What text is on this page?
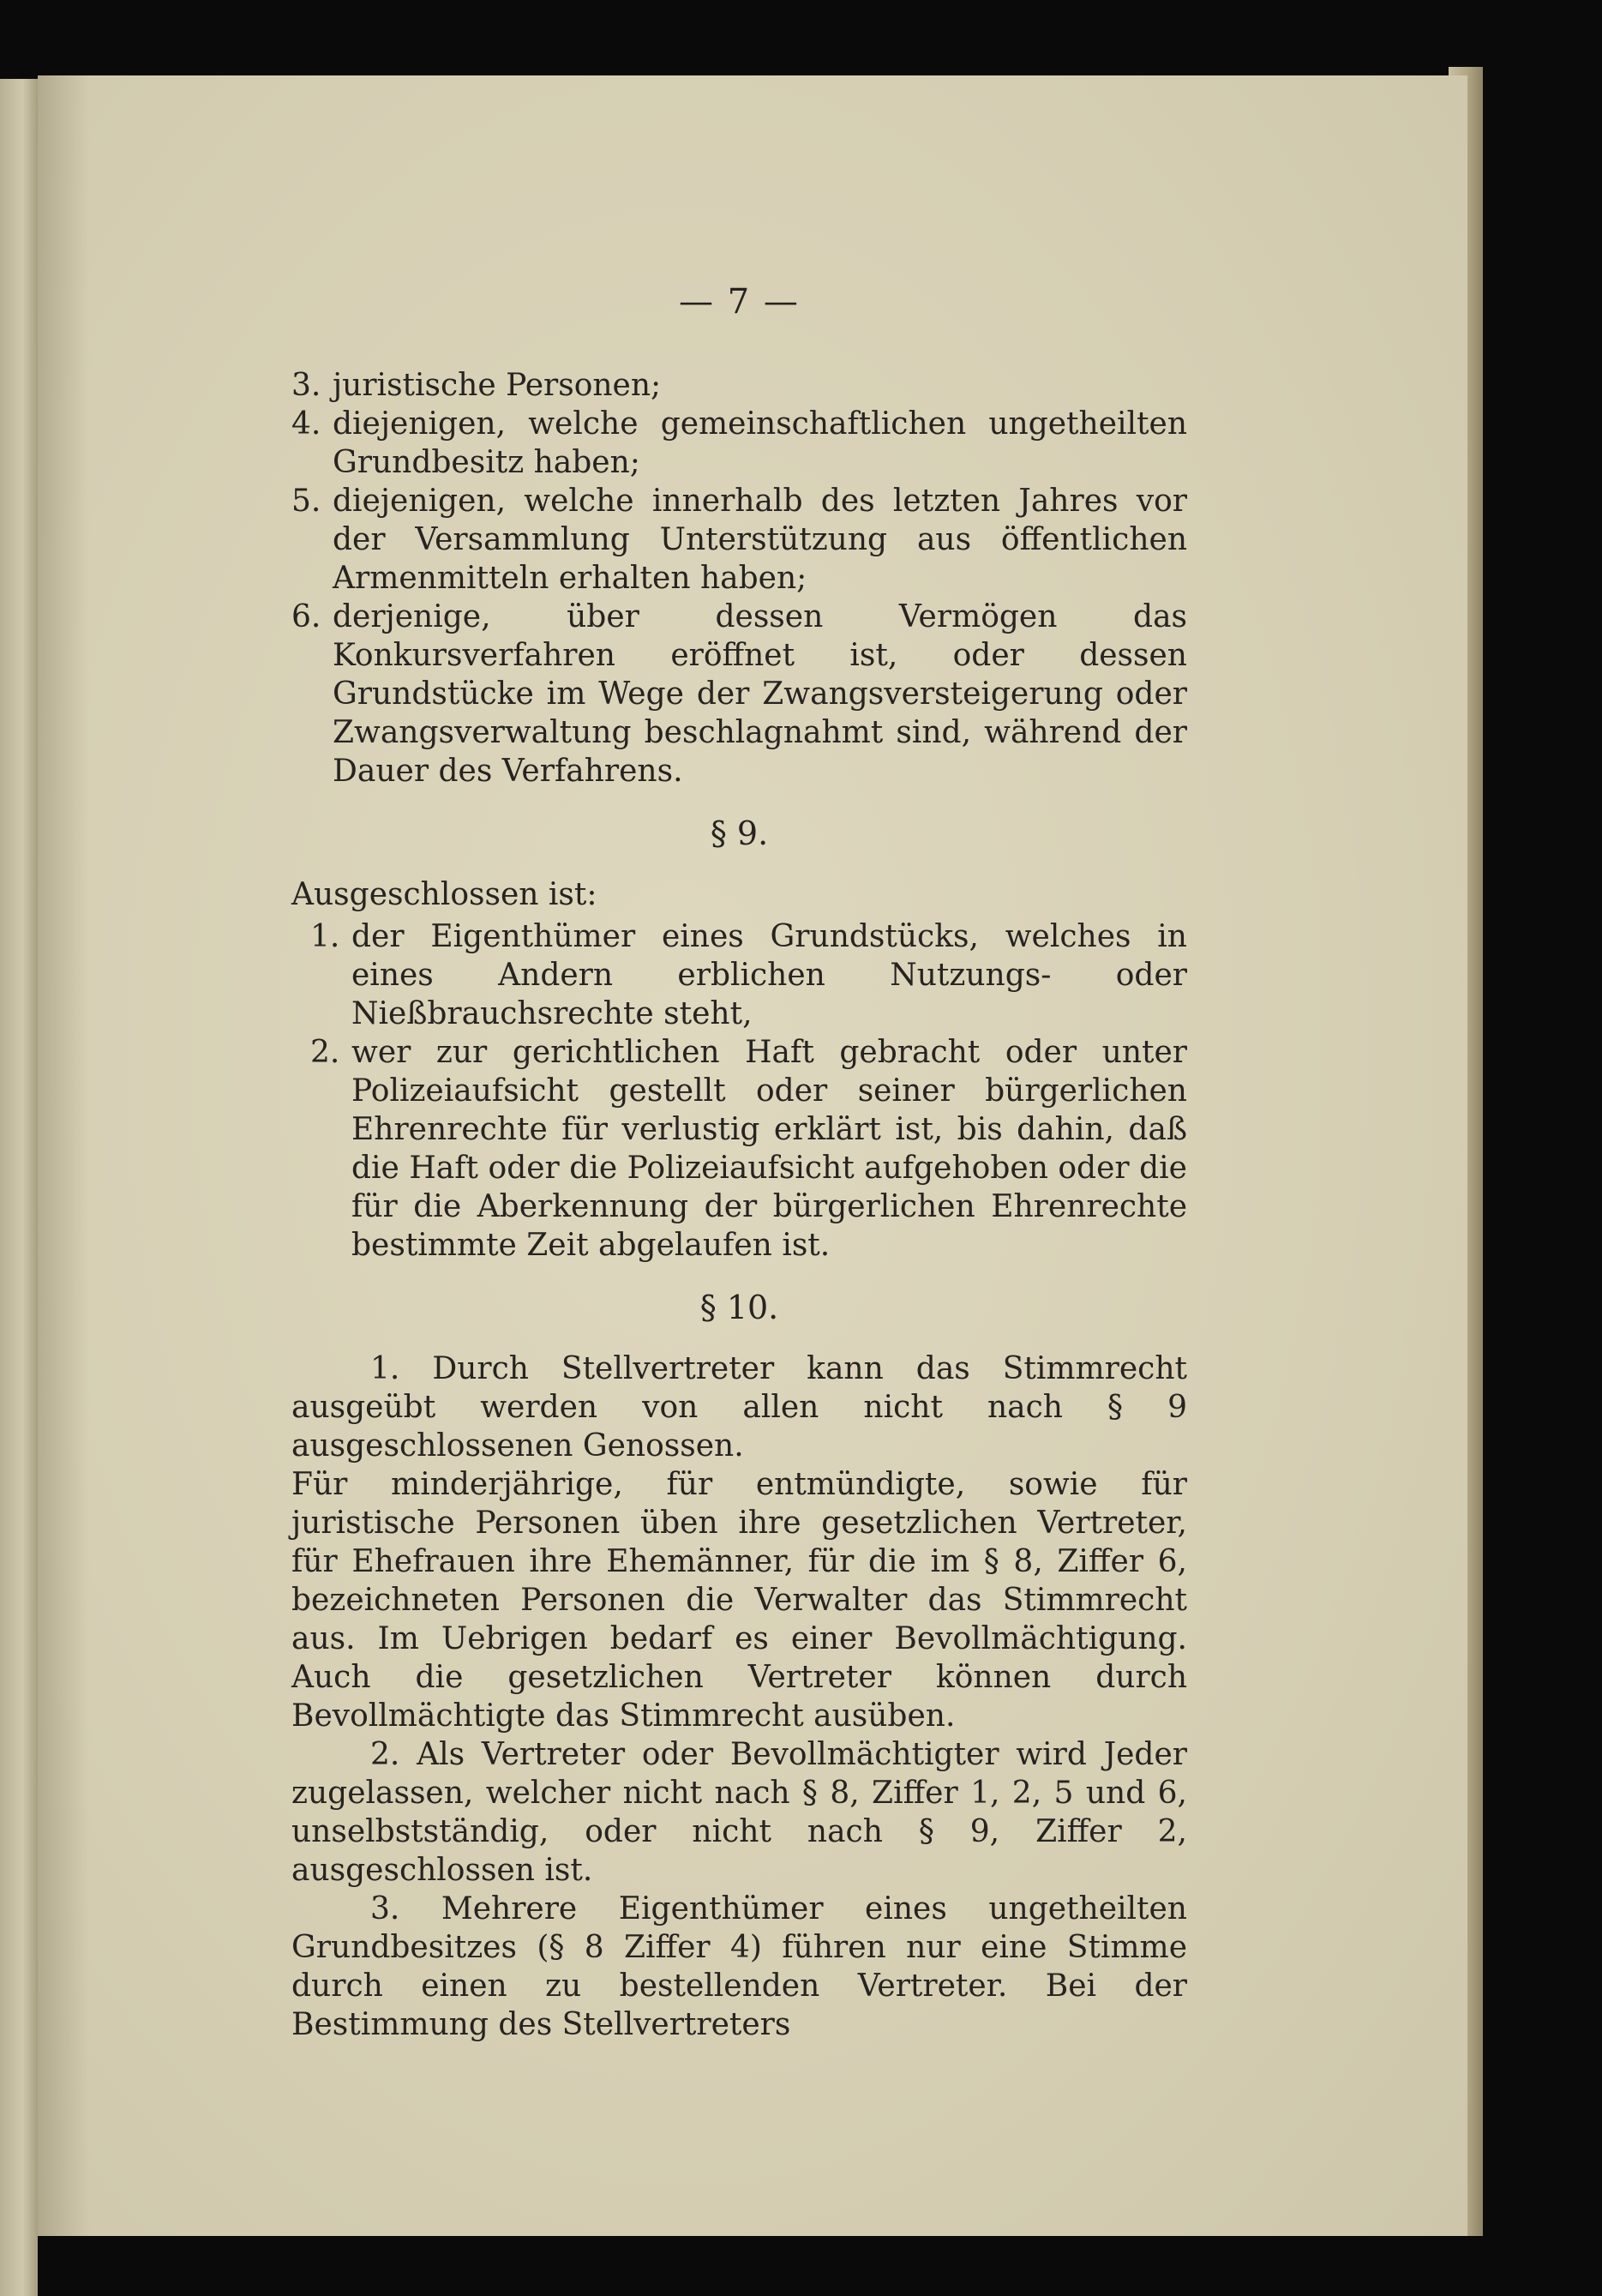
— 7 —
3. juristische Personen;
4. diejenigen, welche gemeinschaftlichen ungetheilten Grundbesitz haben;
5. diejenigen, welche innerhalb des letzten Jahres vor der Versammlung Unterstützung aus öffentlichen Armenmitteln erhalten haben;
6. derjenige, über dessen Vermögen das Konkursverfahren eröffnet ist, oder dessen Grundstücke im Wege der Zwangsversteigerung oder Zwangsverwaltung beschlagnahmt sind, während der Dauer des Verfahrens.
§ 9.
Ausgeschlossen ist:
1. der Eigenthümer eines Grundstücks, welches in eines Andern erblichen Nutzungs- oder Nießbrauchsrechte steht,
2. wer zur gerichtlichen Haft gebracht oder unter Polizeiaufsicht gestellt oder seiner bürgerlichen Ehrenrechte für verlustig erklärt ist, bis dahin, daß die Haft oder die Polizeiaufsicht aufgehoben oder die für die Aberkennung der bürgerlichen Ehrenrechte bestimmte Zeit abgelaufen ist.
§ 10.

1. Durch Stellvertreter kann das Stimmrecht ausgeübt werden von allen nicht nach § 9 ausgeschlossenen Genossen.

Für minderjährige, für entmündigte, sowie für juristische Personen üben ihre gesetzlichen Vertreter, für Ehefrauen ihre Ehemänner, für die im § 8, Ziffer 6, bezeichneten Personen die Verwalter das Stimmrecht aus. Im Uebrigen bedarf es einer Bevollmächtigung. Auch die gesetzlichen Vertreter können durch Bevollmächtigte das Stimmrecht ausüben.

2. Als Vertreter oder Bevollmächtigter wird Jeder zugelassen, welcher nicht nach § 8, Ziffer 1, 2, 5 und 6, unselbstständig, oder nicht nach § 9, Ziffer 2, ausgeschlossen ist.

3. Mehrere Eigenthümer eines ungetheilten Grundbesitzes (§ 8 Ziffer 4) führen nur eine Stimme durch einen zu bestellenden Vertreter. Bei der Bestimmung des Stellvertreters
